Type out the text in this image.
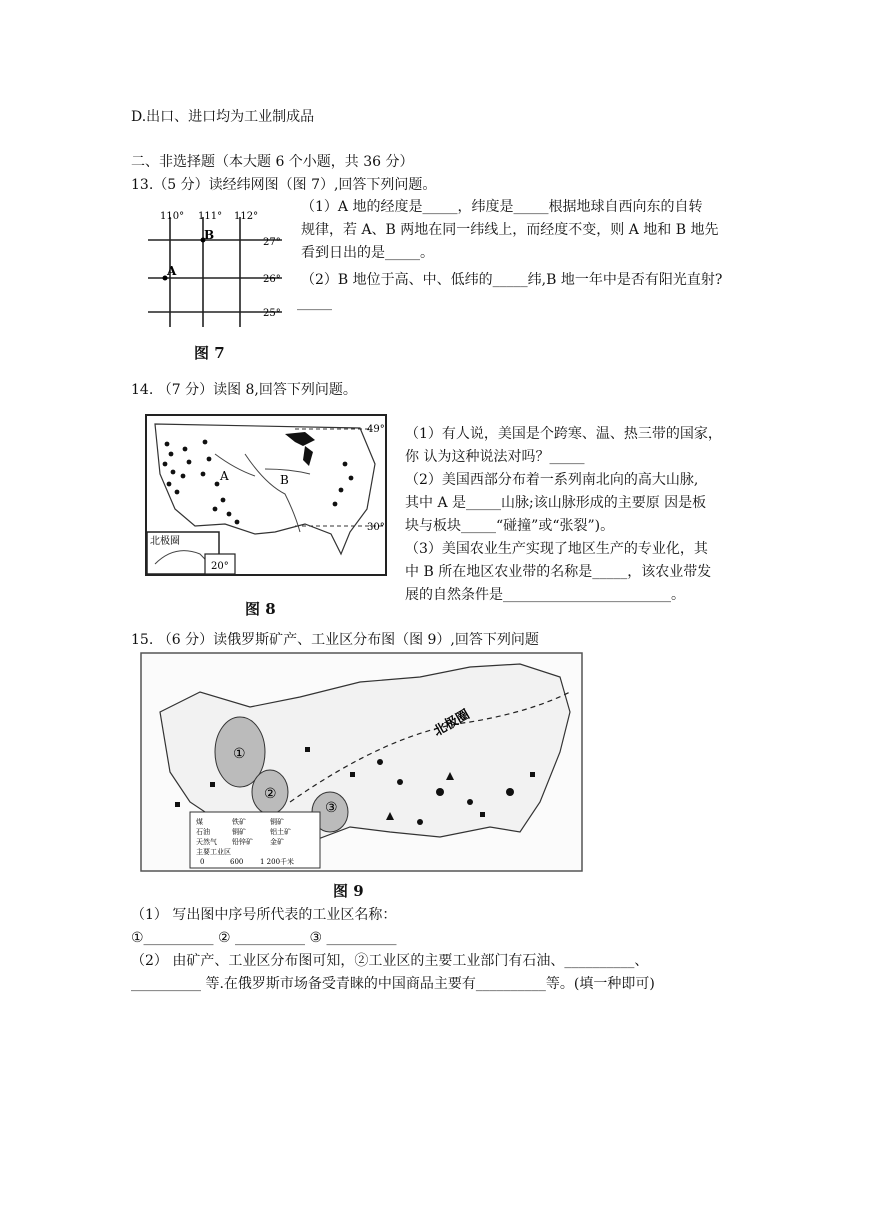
D.出口、进口均为工业制成品
二、非选择题（本大题 6 个小题，共 36 分）
13.（5 分）读经纬网图（图 7）,回答下列问题。
110° 111° 112°
27°
26°
25°
B
A
图 7
（1）A 地的经度是_____，纬度是_____根据地球自西向东的自转
规律，若 A、B 两地在同一纬线上，而经度不变，则 A 地和 B 地先
看到日出的是_____。
（2）B 地位于高、中、低纬的_____纬,B 地一年中是否有阳光直射?
_____
14. （7 分）读图 8,回答下列问题。
A	B
49°
30°
北极圈
20°
图 8
（1）有人说，美国是个跨寒、温、热三带的国家，
你 认为这种说法对吗？_____
（2）美国西部分布着一系列南北向的高大山脉,
其中 A 是_____山脉;该山脉形成的主要原 因是板
块与板块_____“碰撞”或“张裂”)。
（3）美国农业生产实现了地区生产的专业化，其
中 B 所在地区农业带的名称是_____，该农业带发
展的自然条件是________________________。
15. （6 分）读俄罗斯矿产、工业区分布图（图 9）,回答下列问题
北极圈
①
②
③
煤	铁矿	铜矿
石油	铜矿	铝土矿
天然气 铅锌矿 金矿
主要工业区
0	600 1 200千米
图 9
（1） 写出图中序号所代表的工业区名称：
①__________ ② __________ ③ __________
（2） 由矿产、工业区分布图可知，②工业区的主要工业部门有石油、__________、
__________ 等.在俄罗斯市场备受青睐的中国商品主要有__________等。(填一种即可)
